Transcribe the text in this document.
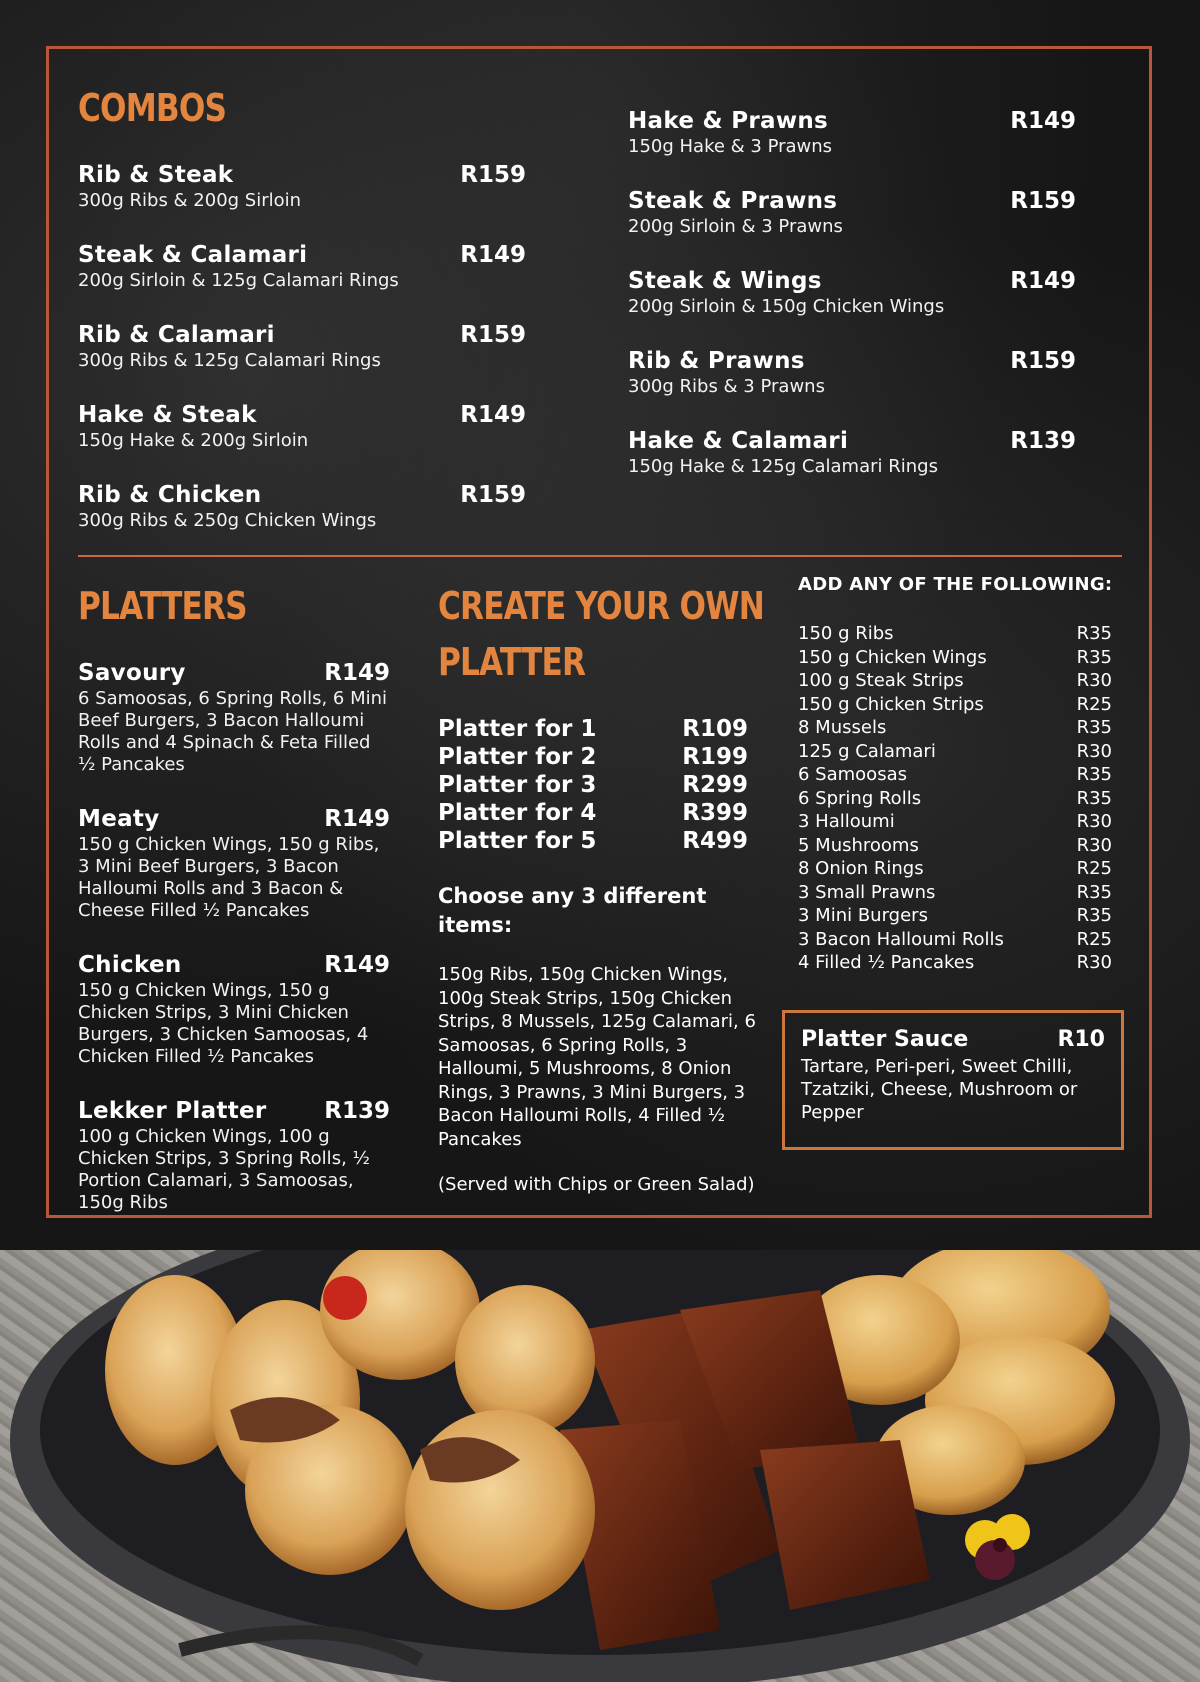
COMBOS
Rib & Steak	R159
300g Ribs & 200g Sirloin
Steak & Calamari	R149
200g Sirloin & 125g Calamari Rings
Rib & Calamari	R159
300g Ribs & 125g Calamari Rings
Hake & Steak	R149
150g Hake & 200g Sirloin
Rib & Chicken	R159
300g Ribs & 250g Chicken Wings
Hake & Prawns	R149
150g Hake & 3 Prawns
Steak & Prawns	R159
200g Sirloin & 3 Prawns
Steak & Wings	R149
200g Sirloin & 150g Chicken Wings
Rib & Prawns	R159
300g Ribs & 3 Prawns
Hake & Calamari	R139
150g Hake & 125g Calamari Rings
PLATTERS
Savoury	R149
6 Samoosas, 6 Spring Rolls, 6 Mini Beef Burgers, 3 Bacon Halloumi Rolls and 4 Spinach & Feta Filled ½ Pancakes
Meaty	R149
150 g Chicken Wings, 150 g Ribs, 3 Mini Beef Burgers, 3 Bacon Halloumi Rolls and 3 Bacon & Cheese Filled ½ Pancakes
Chicken	R149
150 g Chicken Wings, 150 g Chicken Strips, 3 Mini Chicken Burgers, 3 Chicken Samoosas, 4 Chicken Filled ½ Pancakes
Lekker Platter	R139
100 g Chicken Wings, 100 g Chicken Strips, 3 Spring Rolls, ½ Portion Calamari, 3 Samoosas, 150g Ribs
CREATE YOUR OWN
PLATTER
Platter for 1	R109
Platter for 2	R199
Platter for 3	R299
Platter for 4	R399
Platter for 5	R499
Choose any 3 different items:
150g Ribs, 150g Chicken Wings, 100g Steak Strips, 150g Chicken Strips, 8 Mussels, 125g Calamari, 6 Samoosas, 6 Spring Rolls, 3 Halloumi, 5 Mushrooms, 8 Onion Rings, 3 Prawns, 3 Mini Burgers, 3 Bacon Halloumi Rolls, 4 Filled ½ Pancakes
(Served with Chips or Green Salad)
ADD ANY OF THE FOLLOWING:
150 g Ribs	R35
150 g Chicken Wings	R35
100 g Steak Strips	R30
150 g Chicken Strips	R25
8 Mussels	R35
125 g Calamari	R30
6 Samoosas	R35
6 Spring Rolls	R35
3 Halloumi	R30
5 Mushrooms	R30
8 Onion Rings	R25
3 Small Prawns	R35
3 Mini Burgers	R35
3 Bacon Halloumi Rolls	R25
4 Filled ½ Pancakes	R30
Platter Sauce	R10
Tartare, Peri-peri, Sweet Chilli, Tzatziki, Cheese, Mushroom or Pepper
